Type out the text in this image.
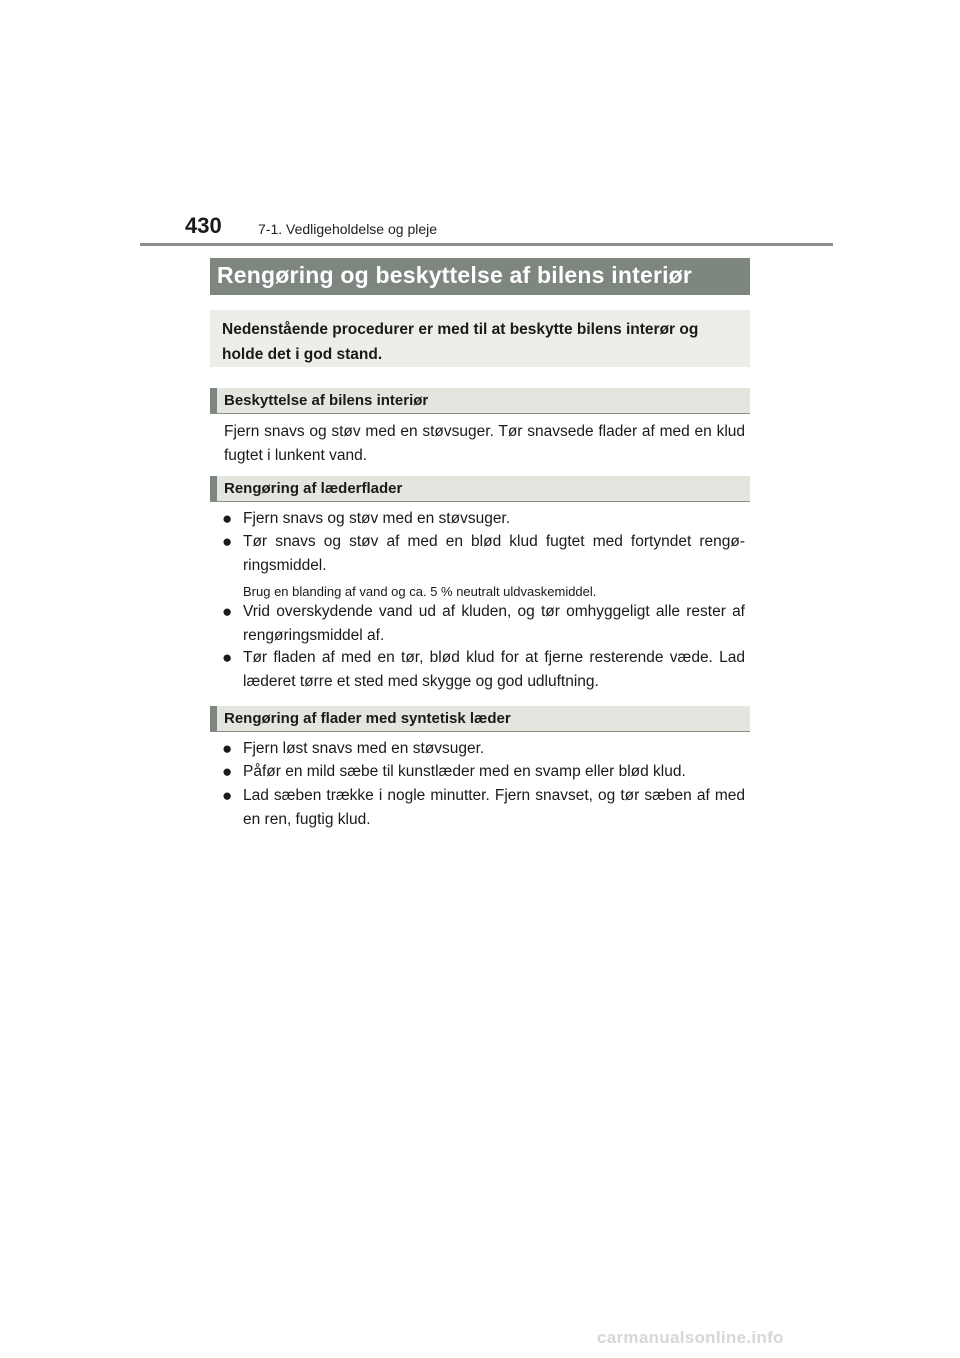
430	7-1. Vedligeholdelse og pleje
Rengøring og beskyttelse af bilens interiør
Nedenstående procedurer er med til at beskytte bilens interør og holde det i god stand.
Beskyttelse af bilens interiør
Fjern snavs og støv med en støvsuger. Tør snavsede flader af med en klud fugtet i lunkent vand.
Rengøring af læderflader
● Fjern snavs og støv med en støvsuger.
● Tør snavs og støv af med en blød klud fugtet med fortyndet rengø-ringsmiddel.
Brug en blanding af vand og ca. 5 % neutralt uldvaskemiddel.
● Vrid overskydende vand ud af kluden, og tør omhyggeligt alle rester af rengøringsmiddel af.
● Tør fladen af med en tør, blød klud for at fjerne resterende væde. Lad læderet tørre et sted med skygge og god udluftning.
Rengøring af flader med syntetisk læder
● Fjern løst snavs med en støvsuger.
● Påfør en mild sæbe til kunstlæder med en svamp eller blød klud.
● Lad sæben trække i nogle minutter. Fjern snavset, og tør sæben af med en ren, fugtig klud.
carmanualsonline.info
